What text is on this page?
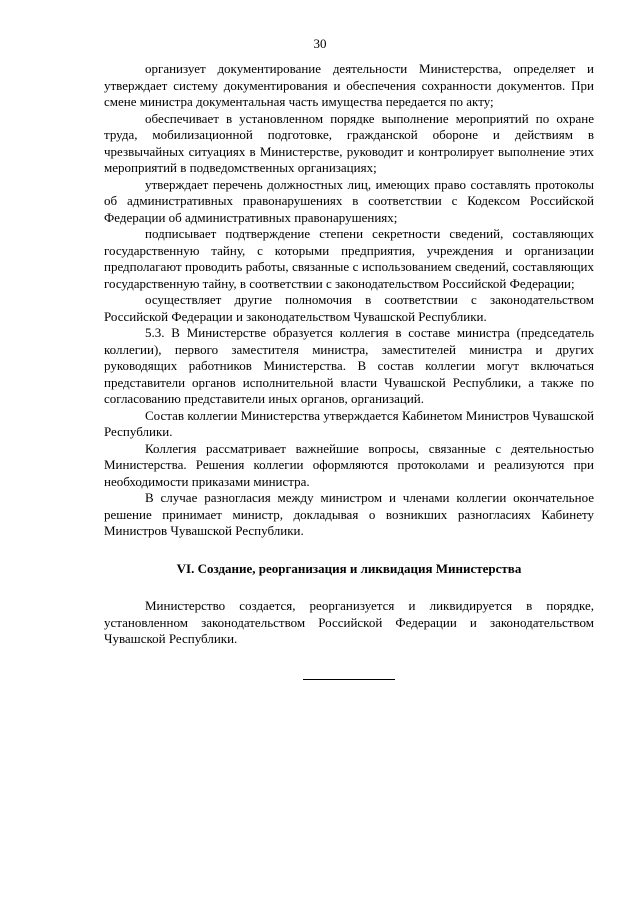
30

организует документирование деятельности Министерства, определяет и утверждает систему документирования и обеспечения сохранности документов. При смене министра документальная часть имущества передается по акту;

обеспечивает в установленном порядке выполнение мероприятий по охране труда, мобилизационной подготовке, гражданской обороне и действиям в чрезвычайных ситуациях в Министерстве, руководит и контролирует выполнение этих мероприятий в подведомственных организациях;

утверждает перечень должностных лиц, имеющих право составлять протоколы об административных правонарушениях в соответствии с Кодексом Российской Федерации об административных правонарушениях;

подписывает подтверждение степени секретности сведений, составляющих государственную тайну, с которыми предприятия, учреждения и организации предполагают проводить работы, связанные с использованием сведений, составляющих государственную тайну, в соответствии с законодательством Российской Федерации;

осуществляет другие полномочия в соответствии с законодательством Российской Федерации и законодательством Чувашской Республики.

5.3. В Министерстве образуется коллегия в составе министра (председатель коллегии), первого заместителя министра, заместителей министра и других руководящих работников Министерства. В состав коллегии могут включаться представители органов исполнительной власти Чувашской Республики, а также по согласованию представители иных органов, организаций.

Состав коллегии Министерства утверждается Кабинетом Министров Чувашской Республики.

Коллегия рассматривает важнейшие вопросы, связанные с деятельностью Министерства. Решения коллегии оформляются протоколами и реализуются при необходимости приказами министра.

В случае разногласия между министром и членами коллегии окончательное решение принимает министр, докладывая о возникших разногласиях Кабинету Министров Чувашской Республики.

VI. Создание, реорганизация и ликвидация Министерства

Министерство создается, реорганизуется и ликвидируется в порядке, установленном законодательством Российской Федерации и законодательством Чувашской Республики.
